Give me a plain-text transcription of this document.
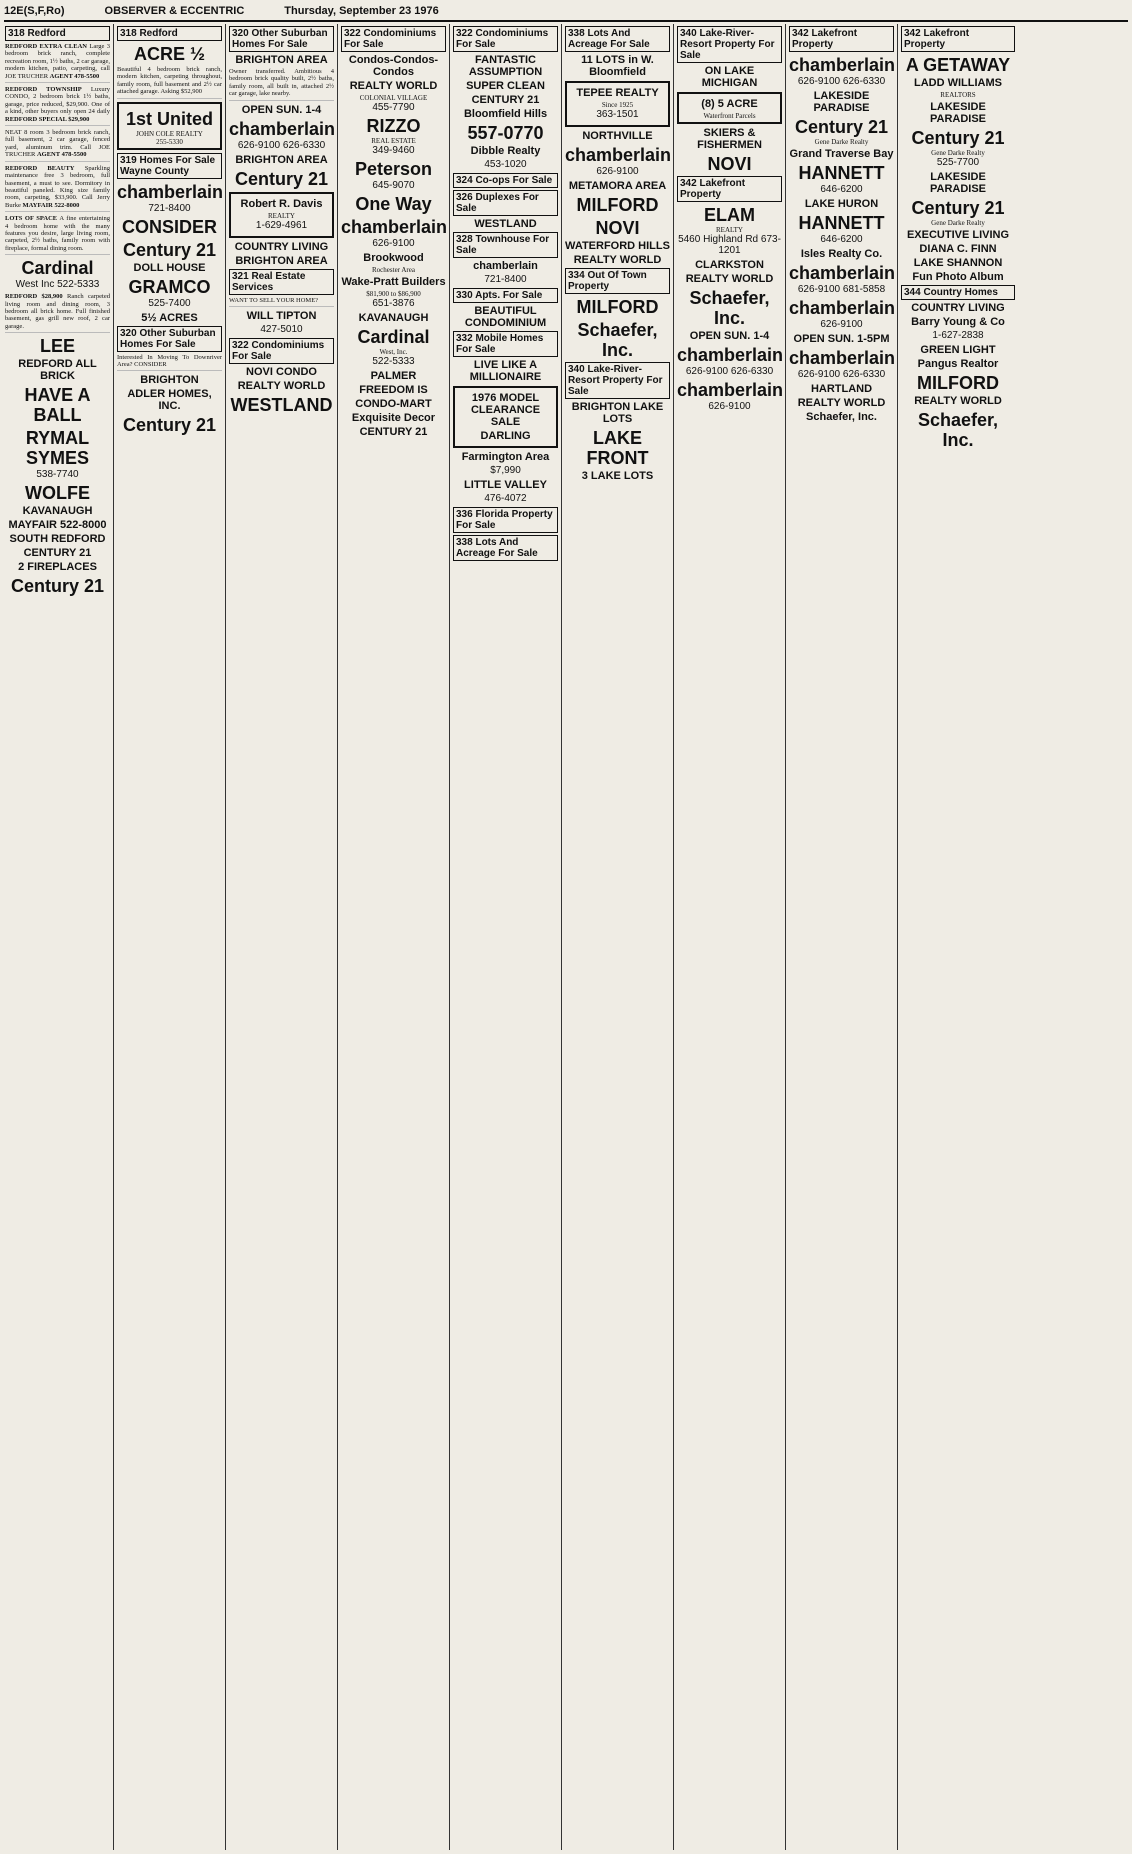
12E(S,F,Ro)	OBSERVER & ECCENTRIC	Thursday, September 23 1976
318 Redford
REDFORD EXTRA CLEAN Large 3 bedroom brick ranch, complete recreation room, 1½ baths, 2 car garage, modern kitchen, patio, carpeting, call JOE TRUCHER AGENT 478-5500
REDFORD TOWNSHIP Luxury CONDO, 2 bedroom brick 1½ baths, garage, price reduced, $29,900. One of a kind, other buyers only open 24 daily REDFORD SPECIAL $29,900
NEAT 8 room 3 bedroom brick ranch, full basement, 2 car garage, fenced yard, aluminum trim. Call JOE TRUCHER AGENT 478-5500
REDFORD BEAUTY Sparkling maintenance free 3 bedroom, full basement, a must to see. Dormitory in beautiful paneled. King size family room, carpeting, $33,900. Call Jerry Burke MAYFAIR 522-8000
LOTS OF SPACE A fine entertaining 4 bedroom home with the many features you desire, large living room, carpeted, 2½ baths, family room with fireplace, formal dining room.
Cardinal
West Inc 522-5333
REDFORD $28,900 Ranch carpeted living room and dining room, 3 bedroom all brick home. Full finished basement, gas grill new roof, 2 car garage.
LEE
REDFORD ALL BRICK
HAVE A BALL
RYMAL SYMES
538-7740
WOLFE
KAVANAUGH
MAYFAIR 522-8000
SOUTH REDFORD
CENTURY 21
2 FIREPLACES
Century 21
318 Redford
ACRE ½
Beautiful 4 bedroom brick ranch, modern kitchen, carpeting throughout, family room, full basement and 2½ car attached garage. Asking $52,900
1st United
JOHN COLE REALTY
255-5330
319 Homes For Sale Wayne County
chamberlain
721-8400
CONSIDER
Century 21
DOLL HOUSE
GRAMCO
525-7400
5½ ACRES
320 Other Suburban Homes For Sale
Interested In Moving To Downriver Area? CONSIDER
BRIGHTON
ADLER HOMES, INC.
Century 21
320 Other Suburban Homes For Sale
BRIGHTON AREA
Owner transferred. Ambitious 4 bedroom brick quality built, 2½ baths, family room, all built in, attached 2½ car garage, lake nearby.
OPEN SUN. 1-4
chamberlain
626-9100 626-6330
BRIGHTON AREA
Century 21
Robert R. Davis
REALTY
1-629-4961
COUNTRY LIVING
BRIGHTON AREA
321 Real Estate Services
WANT TO SELL YOUR HOME?
WILL TIPTON
427-5010
322 Condominiums For Sale
NOVI CONDO
REALTY WORLD
WESTLAND
322 Condominiums For Sale
Condos-Condos-Condos
REALTY WORLD
COLONIAL VILLAGE
455-7790
RIZZO
REAL ESTATE
349-9460
Peterson
645-9070
One Way
chamberlain
626-9100
Brookwood
Rochester Area
Wake-Pratt Builders
$81,900 to $86,900
651-3876
KAVANAUGH
Cardinal
West, Inc.
522-5333
PALMER
FREEDOM IS
CONDO-MART
Exquisite Decor
CENTURY 21
322 Condominiums For Sale
FANTASTIC ASSUMPTION
SUPER CLEAN
CENTURY 21
Bloomfield Hills
557-0770
Dibble Realty
453-1020
324 Co-ops For Sale
326 Duplexes For Sale
WESTLAND
328 Townhouse For Sale
chamberlain
721-8400
330 Apts. For Sale
BEAUTIFUL CONDOMINIUM
332 Mobile Homes For Sale
LIVE LIKE A MILLIONAIRE
1976 MODEL CLEARANCE SALE
DARLING
Farmington Area
$7,990
LITTLE VALLEY
476-4072
336 Florida Property For Sale
338 Lots And Acreage For Sale
338 Lots And Acreage For Sale
11 LOTS in W. Bloomfield
TEPEE REALTY
Since 1925
363-1501
NORTHVILLE
chamberlain
626-9100
METAMORA AREA
MILFORD
NOVI
WATERFORD HILLS
REALTY WORLD
334 Out Of Town Property
MILFORD
Schaefer, Inc.
340 Lake-River-Resort Property For Sale
BRIGHTON LAKE LOTS
LAKE FRONT
3 LAKE LOTS
340 Lake-River-Resort Property For Sale
ON LAKE MICHIGAN
(8) 5 ACRE
Waterfront Parcels
SKIERS & FISHERMEN
NOVI
342 Lakefront Property
ELAM
REALTY
5460 Highland Rd 673-1201
CLARKSTON
REALTY WORLD
Schaefer, Inc.
OPEN SUN. 1-4
chamberlain
626-9100 626-6330
chamberlain
626-9100
342 Lakefront Property
chamberlain
626-9100 626-6330
LAKESIDE PARADISE
Century 21
Gene Darke Realty
Grand Traverse Bay
HANNETT
646-6200
LAKE HURON
HANNETT
646-6200
Isles Realty Co.
chamberlain
626-9100 681-5858
chamberlain
626-9100
OPEN SUN. 1-5PM
chamberlain
626-9100 626-6330
HARTLAND
REALTY WORLD
Schaefer, Inc.
342 Lakefront Property
A GETAWAY
LADD WILLIAMS
REALTORS
LAKESIDE PARADISE
Century 21
Gene Darke Realty
525-7700
LAKESIDE PARADISE
Century 21
Gene Darke Realty
EXECUTIVE LIVING
DIANA C. FINN
LAKE SHANNON
Fun Photo Album
344 Country Homes
COUNTRY LIVING
Barry Young & Co
1-627-2838
GREEN LIGHT
Pangus Realtor
MILFORD
REALTY WORLD
Schaefer, Inc.
